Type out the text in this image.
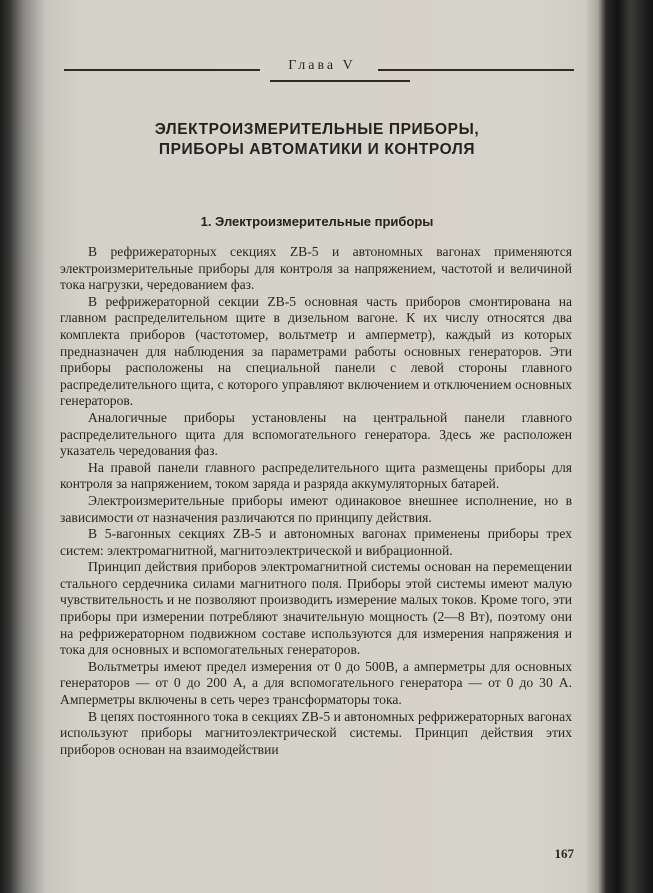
Глава V
ЭЛЕКТРОИЗМЕРИТЕЛЬНЫЕ ПРИБОРЫ,
ПРИБОРЫ АВТОМАТИКИ И КОНТРОЛЯ
1. Электроизмерительные приборы

В рефрижераторных секциях ZB-5 и автономных вагонах применяются электроизмерительные приборы для контроля за напряжением, частотой и величиной тока нагрузки, чередованием фаз.

В рефрижераторной секции ZB-5 основная часть приборов смонтирована на главном распределительном щите в дизельном вагоне. К их числу относятся два комплекта приборов (частотомер, вольтметр и амперметр), каждый из которых предназначен для наблюдения за параметрами работы основных генераторов. Эти приборы расположены на специальной панели с левой стороны главного распределительного щита, с которого управляют включением и отключением основных генераторов.

Аналогичные приборы установлены на центральной панели главного распределительного щита для вспомогательного генератора. Здесь же расположен указатель чередования фаз.

На правой панели главного распределительного щита размещены приборы для контроля за напряжением, током заряда и разряда аккумуляторных батарей.

Электроизмерительные приборы имеют одинаковое внешнее исполнение, но в зависимости от назначения различаются по принципу действия.

В 5-вагонных секциях ZB-5 и автономных вагонах применены приборы трех систем: электромагнитной, магнитоэлектрической и вибрационной.

Принцип действия приборов электромагнитной системы основан на перемещении стального сердечника силами магнитного поля. Приборы этой системы имеют малую чувствительность и не позволяют производить измерение малых токов. Кроме того, эти приборы при измерении потребляют значительную мощность (2—8 Вт), поэтому они на рефрижераторном подвижном составе используются для измерения напряжения и тока для основных и вспомогательных генераторов.

Вольтметры имеют предел измерения от 0 до 500В, а амперметры для основных генераторов — от 0 до 200 А, а для вспомогательного генератора — от 0 до 30 А. Амперметры включены в сеть через трансформаторы тока.

В цепях постоянного тока в секциях ZB-5 и автономных рефрижераторных вагонах используют приборы магнитоэлектрической системы. Принцип действия этих приборов основан на взаимодействии

167
